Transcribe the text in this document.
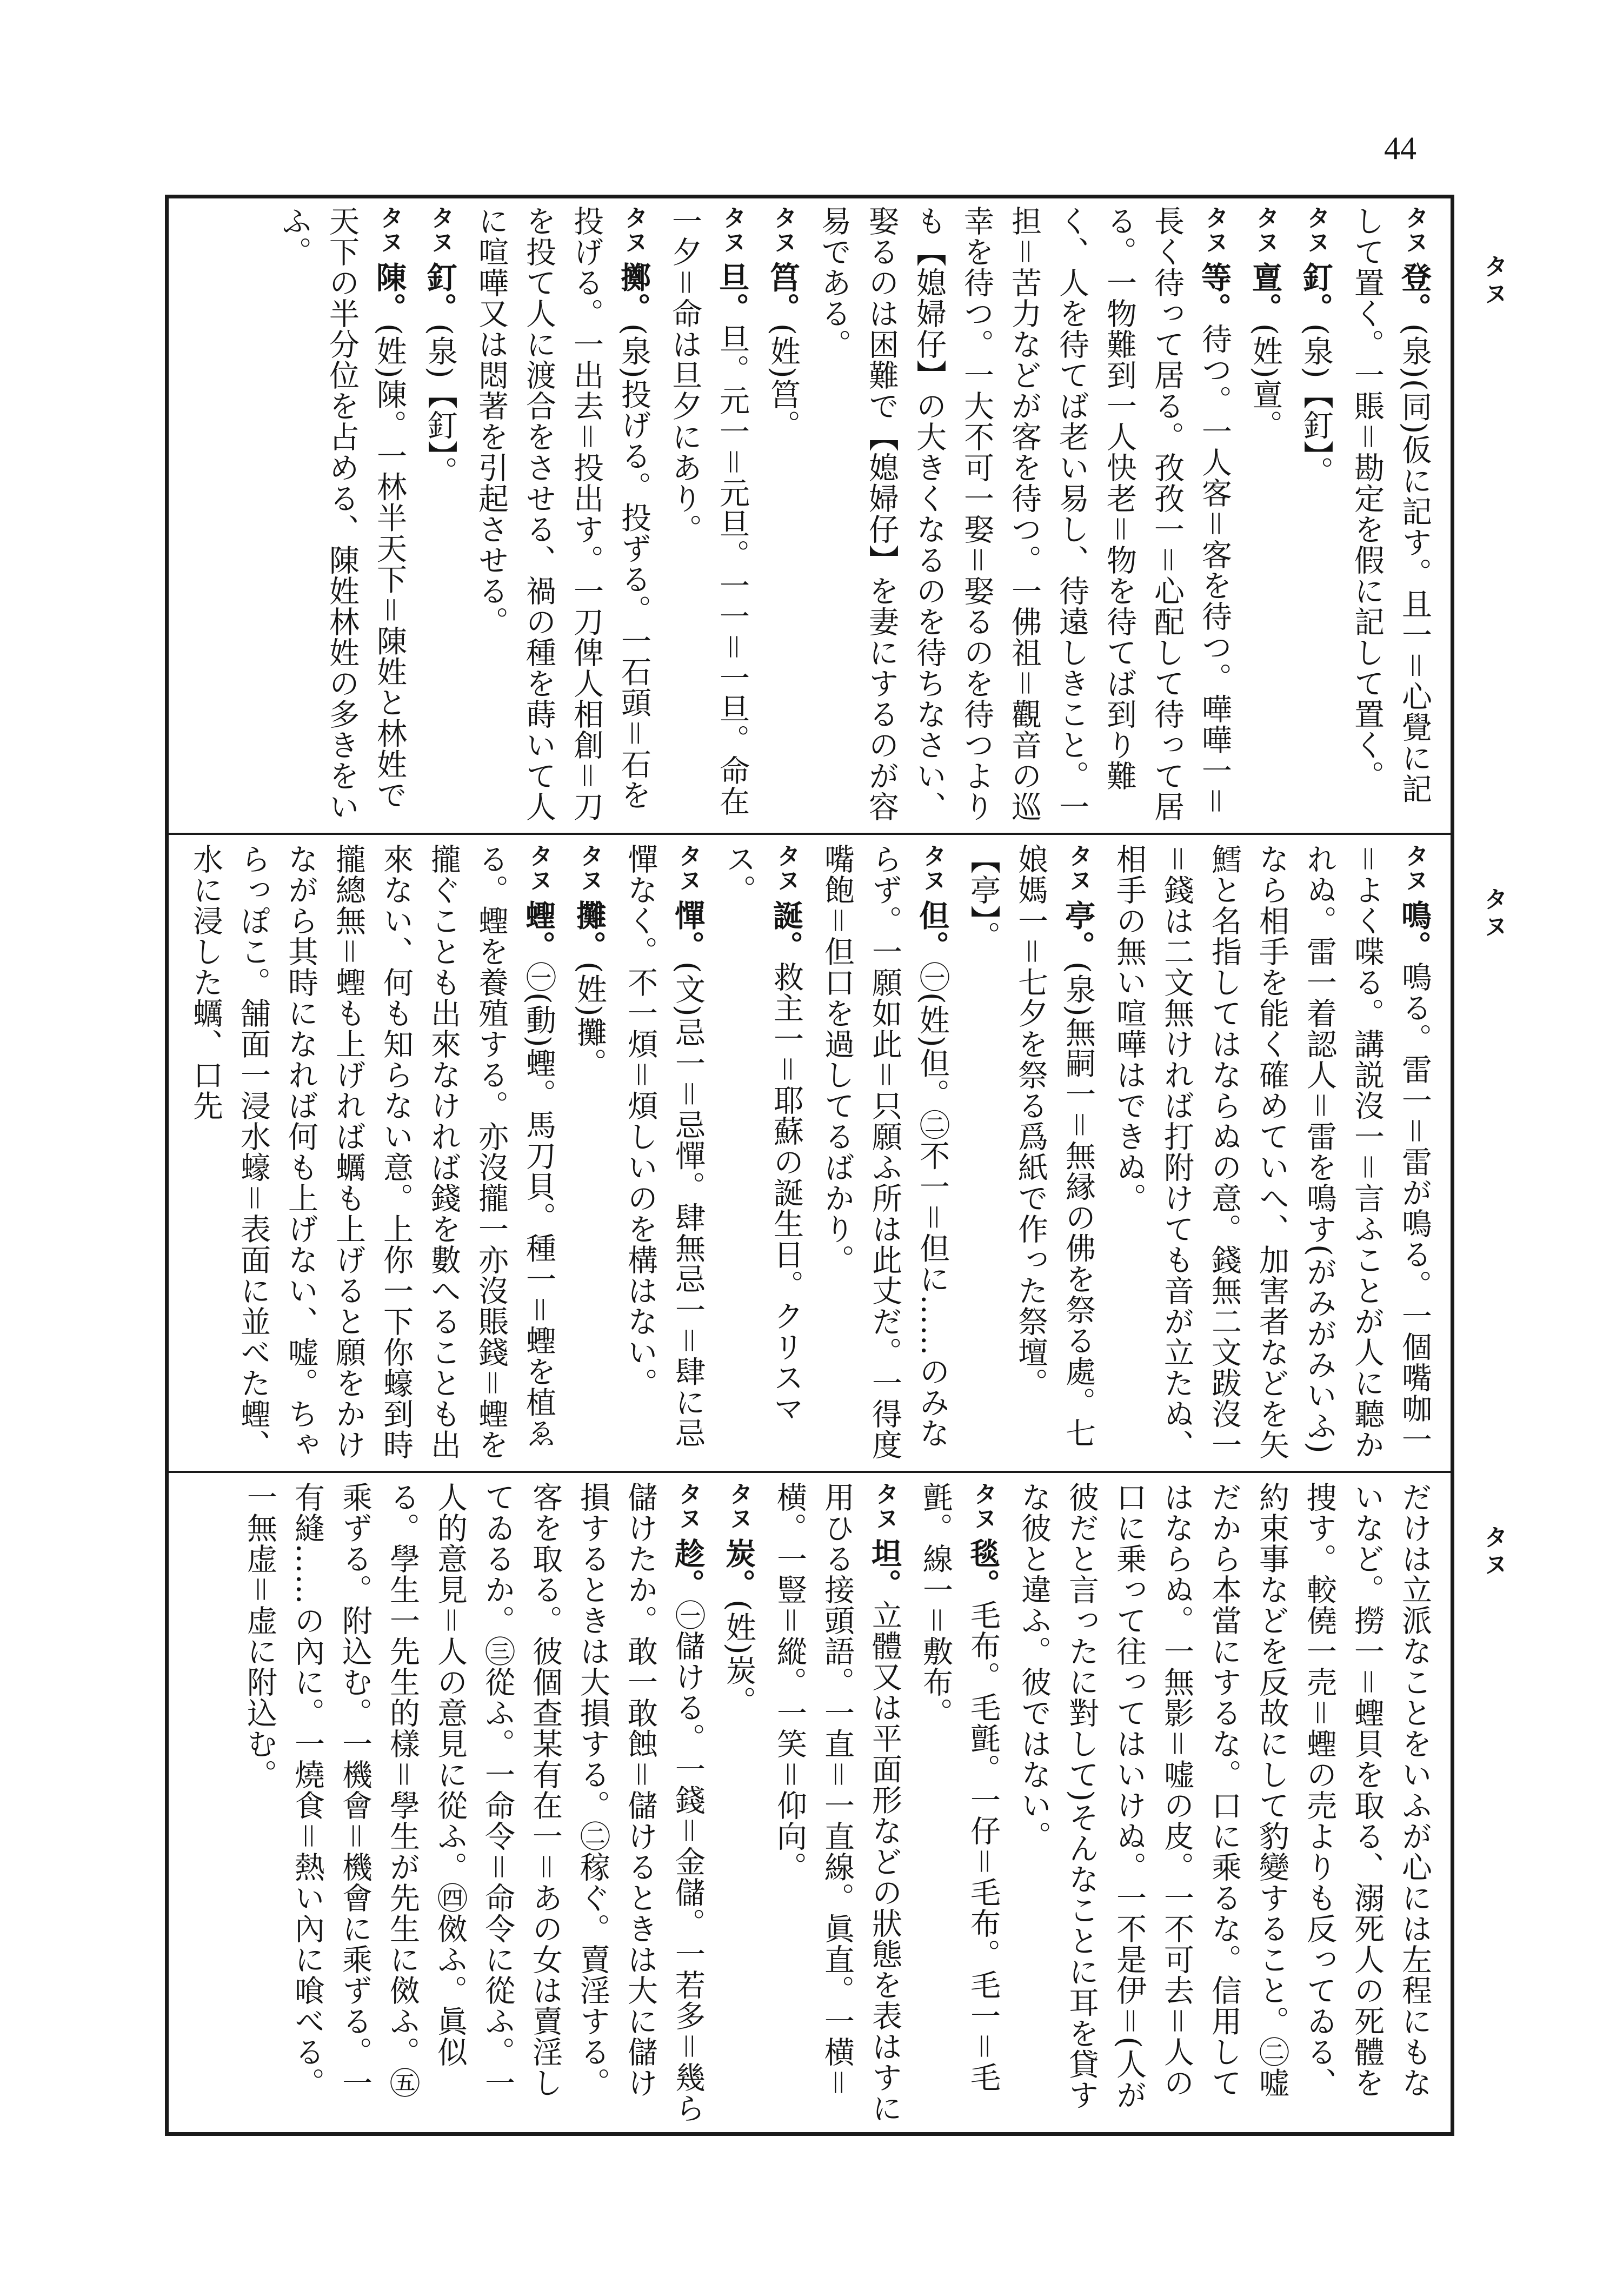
44
タヌ
タヌ
タヌ

タヌ登。(泉)(同)仮に記す。且一＝心覺に記して置く。一賬＝勘定を假に記して置く。

タヌ釘。(泉)【釘】。

タヌ亶。(姓)亶。

タヌ等。待つ。一人客＝客を待つ。嘩嘩一＝長く待って居る。孜孜一＝心配して待って居る。一物難到一人快老＝物を待てば到り難く、人を待てば老い易し、待遠しきこと。一担＝苦力などが客を待つ。一佛祖＝觀音の巡幸を待つ。一大不可一娶＝娶るのを待つよりも【媳婦仔】の大きくなるのを待ちなさい、娶るのは困難で【媳婦仔】を妻にするのが容易である。

タヌ筥。(姓)筥。

タヌ旦。旦。元一＝元旦。一一＝一旦。命在一夕＝命は旦夕にあり。

タヌ擲。(泉)投げる。投ずる。一石頭＝石を投げる。一出去＝投出す。一刀俾人相創＝刀を投て人に渡合をさせる、禍の種を蒔いて人に喧嘩又は悶著を引起させる。

タヌ釘。(泉)【釘】。

タヌ陳。(姓)陳。一林半天下＝陳姓と林姓で天下の半分位を占める、陳姓林姓の多きをいふ。

タヌ鳴。鳴る。雷一＝雷が鳴る。一個嘴咖一＝よく喋る。講説沒一＝言ふことが人に聽かれぬ。雷一着認人＝雷を鳴す(がみがみいふ)なら相手を能く確めていへ、加害者などを矢鱈と名指してはならぬの意。錢無二文跋沒一＝錢は二文無ければ打附けても音が立たぬ、相手の無い喧嘩はできぬ。

タヌ亭。(泉)無嗣一＝無縁の佛を祭る處。七娘媽一＝七夕を祭る爲紙で作った祭壇。【亭】。

タヌ但。㊀(姓)但。㊁不一＝但に……のみならず。一願如此＝只願ふ所は此丈だ。一得度嘴飽＝但口を過してるばかり。

タヌ誕。救主一＝耶蘇の誕生日。クリスマス。

タヌ憚。(文)忌一＝忌憚。肆無忌一＝肆に忌憚なく。不一煩＝煩しいのを構はない。

タヌ攤。(姓)攤。

タヌ蟶。㊀(動)蟶。馬刀貝。種一＝蟶を植ゑる。蟶を養殖する。亦沒攏一亦沒賬錢＝蟶を攏ぐことも出來なければ錢を數へることも出來ない、何も知らない意。上你一下你蠔到時攏總無＝蟶も上げれば蠣も上げると願をかけながら其時になれば何も上げない、嘘。ちゃらっぽこ。舗面一浸水蠔＝表面に並べた蟶、水に浸した蠣、口先

だけは立派なことをいふが心には左程にもないなど。撈一＝蟶貝を取る、溺死人の死體を捜す。較僥一売＝蟶の売よりも反ってゐる、約束事などを反故にして豹變すること。㊁嘘だから本當にするな。口に乘るな。信用してはならぬ。一無影＝嘘の皮。一不可去＝人の口に乗って往ってはいけぬ。一不是伊＝(人が彼だと言ったに對して)そんなことに耳を貸すな彼と違ふ。彼ではない。

タヌ毯。毛布。毛氈。一仔＝毛布。毛一＝毛氈。線一＝敷布。

タヌ坦。立體又は平面形などの狀態を表はすに用ひる接頭語。一直＝一直線。眞直。一横＝横。一豎＝縱。一笑＝仰向。

タヌ炭。(姓)炭。

タヌ趁。㊀儲ける。一錢＝金儲。一若多＝幾ら儲けたか。敢一敢蝕＝儲けるときは大に儲け損するときは大損する。㊁稼ぐ。賣淫する。客を取る。彼個查某有在一＝あの女は賣淫してゐるか。㊂從ふ。一命令＝命令に從ふ。一人的意見＝人の意見に從ふ。㊃傚ふ。眞似る。學生一先生的樣＝學生が先生に傚ふ。㊄乘ずる。附込む。一機會＝機會に乘ずる。一有縫……の內に。一燒食＝熱い內に喰べる。一無虚＝虚に附込む。
